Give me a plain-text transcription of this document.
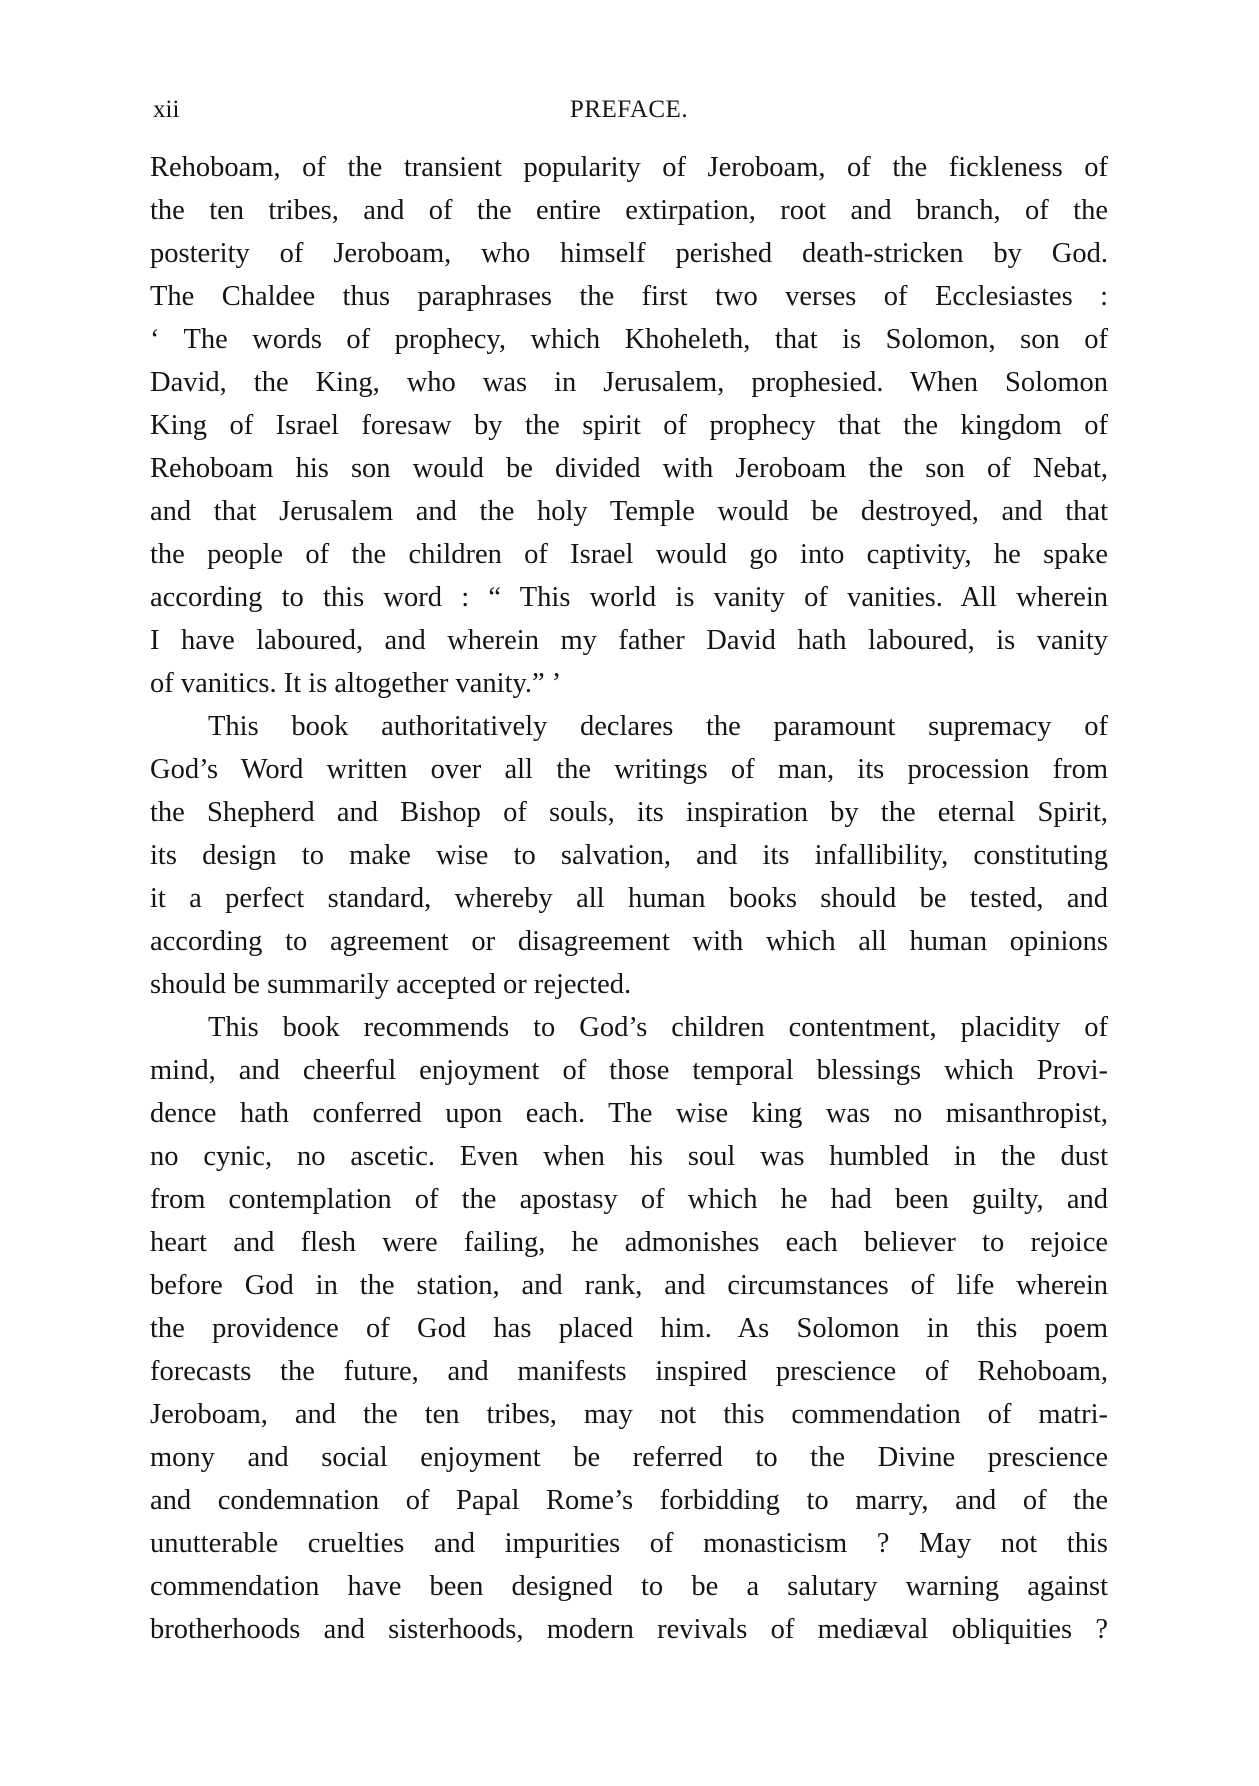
xii	PREFACE.
Rehoboam, of the transient popularity of Jeroboam, of the fickleness of
the ten tribes, and of the entire extirpation, root and branch, of the
posterity of Jeroboam, who himself perished death-stricken by God.
The Chaldee thus paraphrases the first two verses of Ecclesiastes :
‘ The words of prophecy, which Khoheleth, that is Solomon, son of
David, the King, who was in Jerusalem, prophesied. When Solomon
King of Israel foresaw by the spirit of prophecy that the kingdom of
Rehoboam his son would be divided with Jeroboam the son of Nebat,
and that Jerusalem and the holy Temple would be destroyed, and that
the people of the children of Israel would go into captivity, he spake
according to this word : “ This world is vanity of vanities. All wherein
I have laboured, and wherein my father David hath laboured, is vanity
of vanitics. It is altogether vanity.” ’
This book authoritatively declares the paramount supremacy of
God’s Word written over all the writings of man, its procession from
the Shepherd and Bishop of souls, its inspiration by the eternal Spirit,
its design to make wise to salvation, and its infallibility, constituting
it a perfect standard, whereby all human books should be tested, and
according to agreement or disagreement with which all human opinions
should be summarily accepted or rejected.
This book recommends to God’s children contentment, placidity of
mind, and cheerful enjoyment of those temporal blessings which Provi-
dence hath conferred upon each. The wise king was no misanthropist,
no cynic, no ascetic. Even when his soul was humbled in the dust
from contemplation of the apostasy of which he had been guilty, and
heart and flesh were failing, he admonishes each believer to rejoice
before God in the station, and rank, and circumstances of life wherein
the providence of God has placed him. As Solomon in this poem
forecasts the future, and manifests inspired prescience of Rehoboam,
Jeroboam, and the ten tribes, may not this commendation of matri-
mony and social enjoyment be referred to the Divine prescience
and condemnation of Papal Rome’s forbidding to marry, and of the
unutterable cruelties and impurities of monasticism ? May not this
commendation have been designed to be a salutary warning against
brotherhoods and sisterhoods, modern revivals of mediæval obliquities ?
